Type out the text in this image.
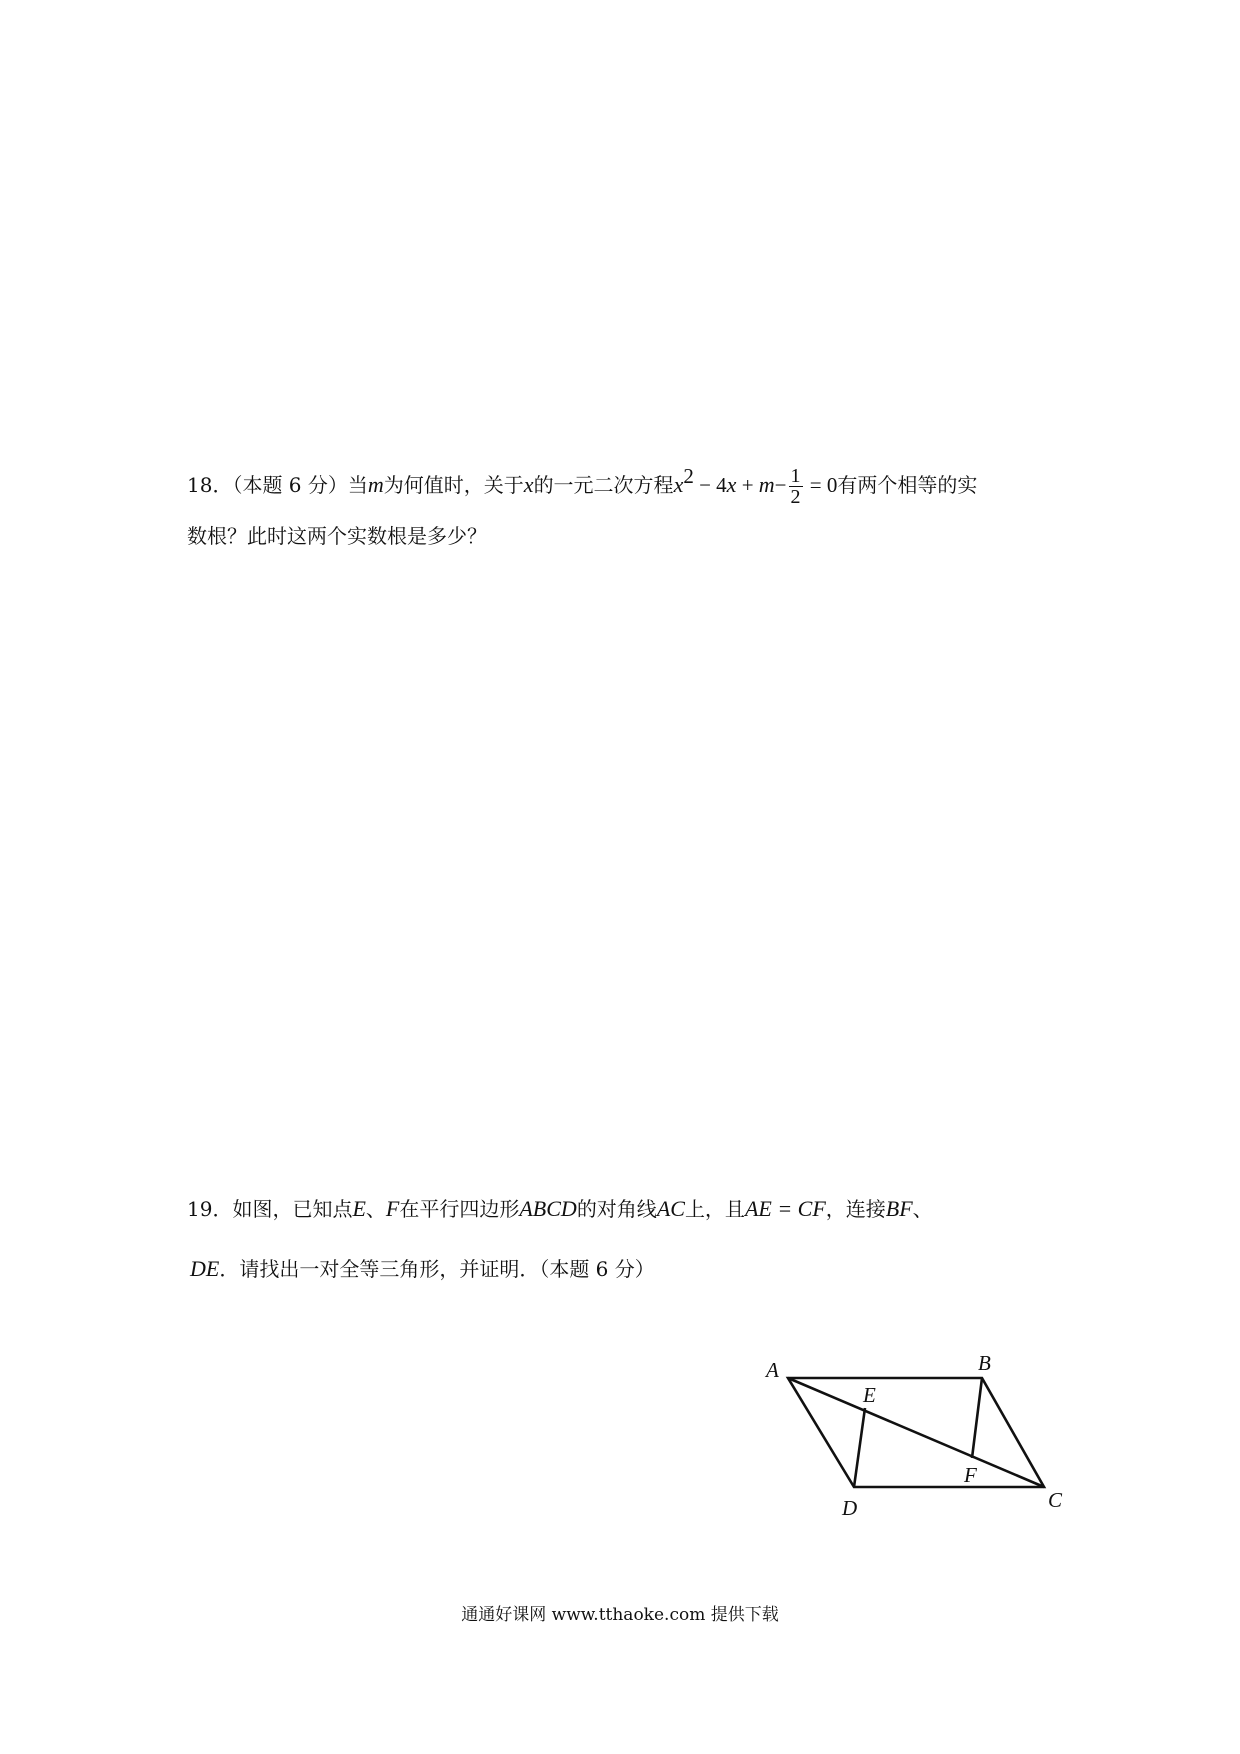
18．（本题 6 分）当m为何值时，关于x的一元二次方程$x^2 - 4x + m- \frac{1}{2} = 0$有两个相等的实
数根？此时这两个实数根是多少？
19．如图，已知点E、F在平行四边形ABCD的对角线AC上，且AE = CF，连接BF、
DE．请找出一对全等三角形，并证明．（本题 6 分）
A	B
C
D
E
F
通通好课网 www.tthaoke.com 提供下载
